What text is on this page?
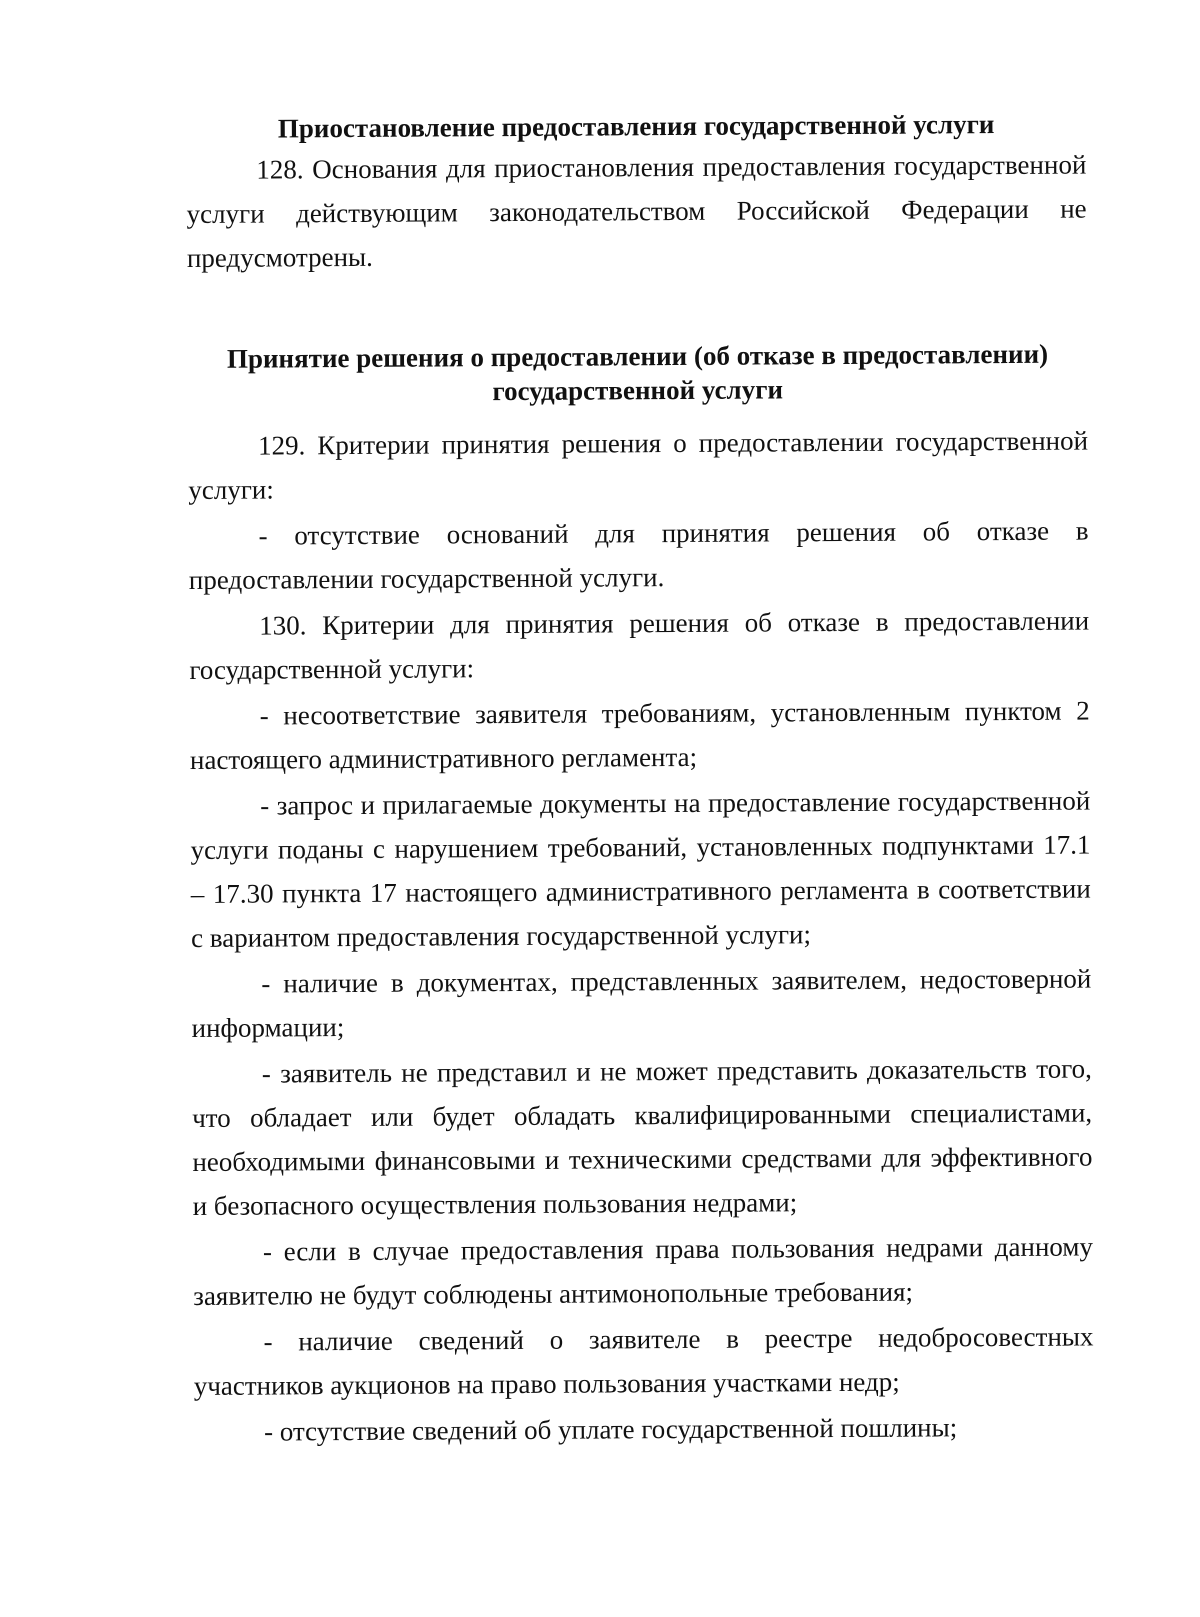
Приостановление предоставления государственной услуги

128. Основания для приостановления предоставления государственной услуги действующим законодательством Российской Федерации не предусмотрены.

Принятие решения о предоставлении (об отказе в предоставлении)
государственной услуги

129. Критерии принятия решения о предоставлении государственной услуги:

- отсутствие оснований для принятия решения об отказе в предоставлении государственной услуги.

130. Критерии для принятия решения об отказе в предоставлении государственной услуги:

- несоответствие заявителя требованиям, установленным пунктом 2 настоящего административного регламента;

- запрос и прилагаемые документы на предоставление государственной услуги поданы с нарушением требований, установленных подпунктами 17.1 – 17.30 пункта 17 настоящего административного регламента в соответствии с вариантом предоставления государственной услуги;

- наличие в документах, представленных заявителем, недостоверной информации;

- заявитель не представил и не может представить доказательств того, что обладает или будет обладать квалифицированными специалистами, необходимыми финансовыми и техническими средствами для эффективного и безопасного осуществления пользования недрами;

- если в случае предоставления права пользования недрами данному заявителю не будут соблюдены антимонопольные требования;

- наличие сведений о заявителе в реестре недобросовестных участников аукционов на право пользования участками недр;

- отсутствие сведений об уплате государственной пошлины;
